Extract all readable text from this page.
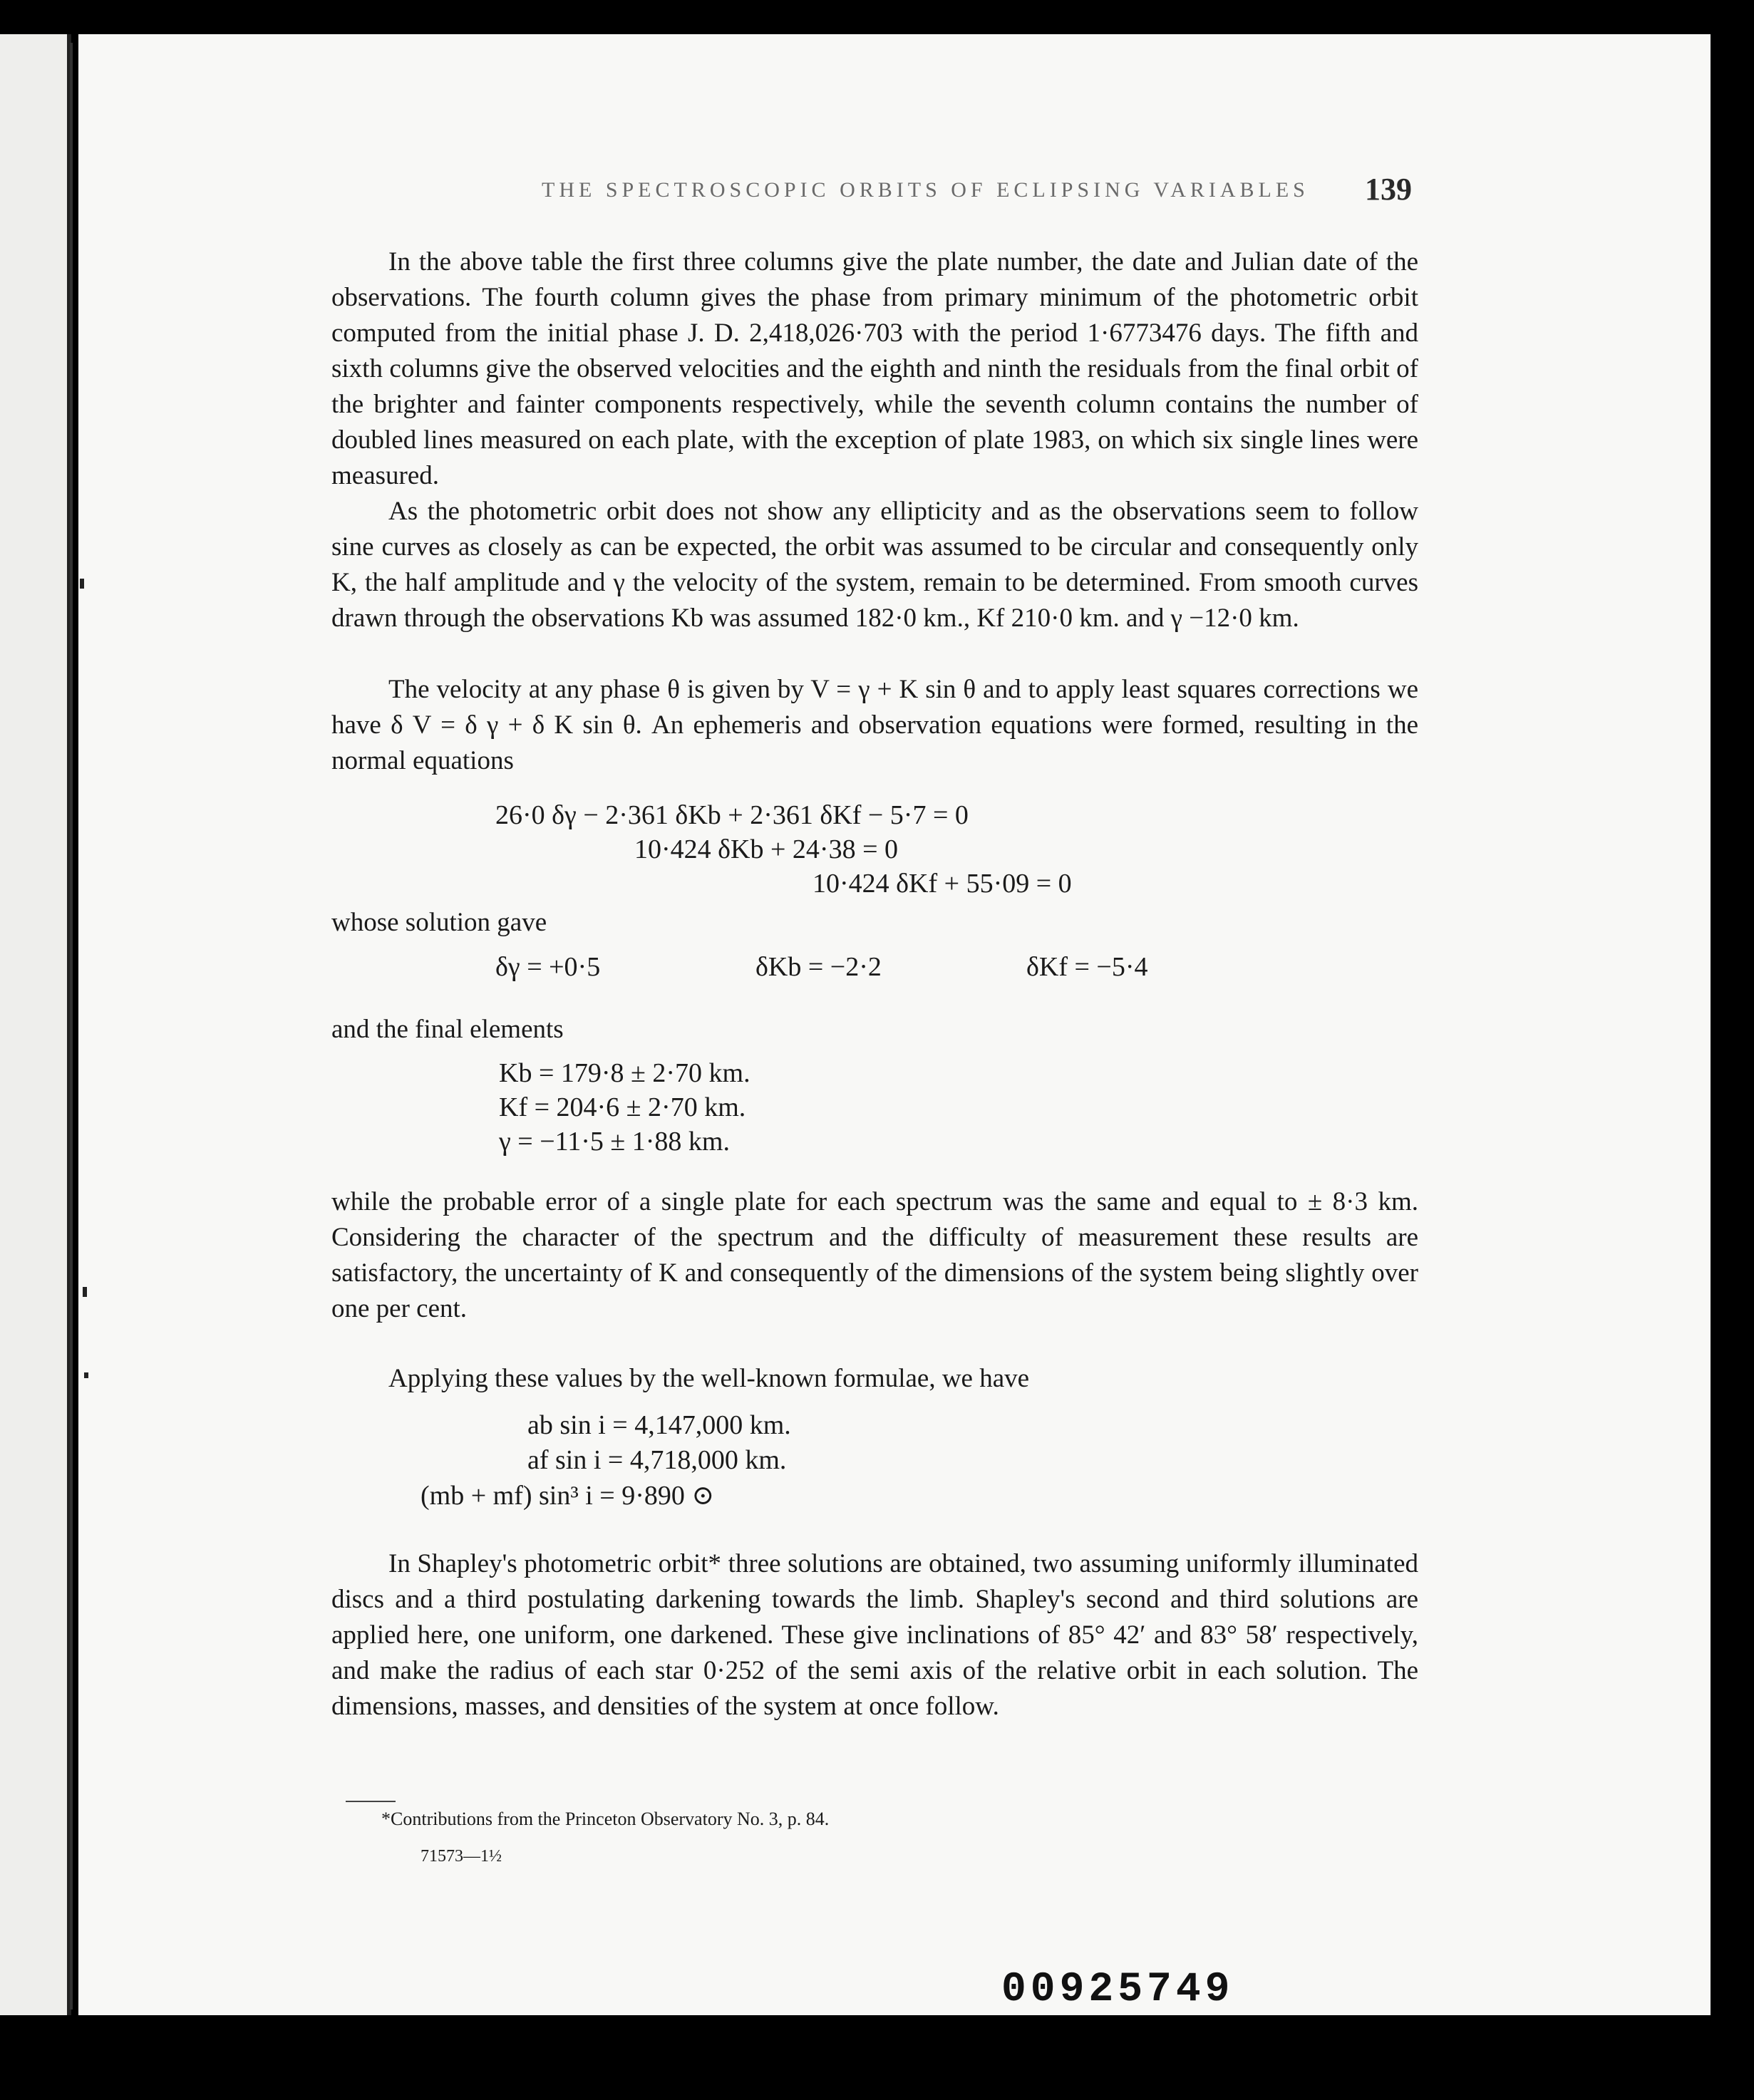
THE SPECTROSCOPIC ORBITS OF ECLIPSING VARIABLES	139
In the above table the first three columns give the plate number, the date and Julian date of the observations. The fourth column gives the phase from primary minimum of the photometric orbit computed from the initial phase J. D. 2,418,026·703 with the period 1·6773476 days. The fifth and sixth columns give the observed velocities and the eighth and ninth the residuals from the final orbit of the brighter and fainter components respectively, while the seventh column contains the number of doubled lines measured on each plate, with the exception of plate 1983, on which six single lines were measured.
As the photometric orbit does not show any ellipticity and as the observations seem to follow sine curves as closely as can be expected, the orbit was assumed to be circular and consequently only K, the half amplitude and γ the velocity of the system, remain to be determined. From smooth curves drawn through the observations Kb was assumed 182·0 km., Kf 210·0 km. and γ −12·0 km.
The velocity at any phase θ is given by V = γ + K sin θ and to apply least squares corrections we have δ V = δ γ + δ K sin θ. An ephemeris and observation equations were formed, resulting in the normal equations
26·0 δγ − 2·361 δKb + 2·361 δKf − 5·7 = 0
10·424 δKb + 24·38 = 0
10·424 δKf + 55·09 = 0
whose solution gave
δγ = +0·5	δKb = −2·2	δKf = −5·4
and the final elements
Kb = 179·8 ± 2·70 km.
Kf = 204·6 ± 2·70 km.
γ = −11·5 ± 1·88 km.
while the probable error of a single plate for each spectrum was the same and equal to ± 8·3 km. Considering the character of the spectrum and the difficulty of measurement these results are satisfactory, the uncertainty of K and consequently of the dimensions of the system being slightly over one per cent.
Applying these values by the well-known formulae, we have
ab sin i = 4,147,000 km.
af sin i = 4,718,000 km.
(mb + mf) sin³ i = 9·890 ⊙
In Shapley's photometric orbit* three solutions are obtained, two assuming uniformly illuminated discs and a third postulating darkening towards the limb. Shapley's second and third solutions are applied here, one uniform, one darkened. These give inclinations of 85° 42′ and 83° 58′ respectively, and make the radius of each star 0·252 of the semi axis of the relative orbit in each solution. The dimensions, masses, and densities of the system at once follow.
*Contributions from the Princeton Observatory No. 3, p. 84.
71573—1½
00925749
